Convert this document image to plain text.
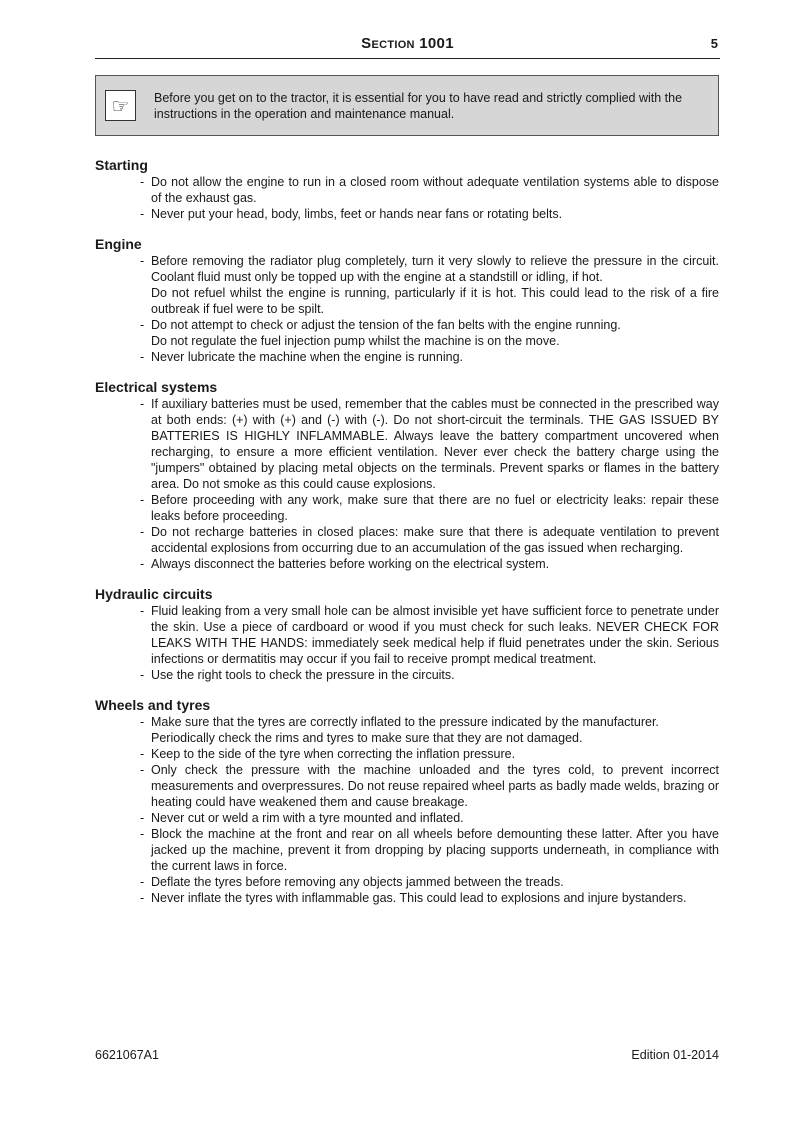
Section 1001	5
☞	Before you get on to the tractor, it is essential for you to have read and strictly complied with the instructions in the operation and maintenance manual.
Starting
- Do not allow the engine to run in a closed room without adequate ventilation systems able to dispose of the exhaust gas.
- Never put your head, body, limbs, feet or hands near fans or rotating belts.
Engine
- Before removing the radiator plug completely, turn it very slowly to relieve the pressure in the circuit. Coolant fluid must only be topped up with the engine at a standstill or idling, if hot.
Do not refuel whilst the engine is running, particularly if it is hot. This could lead to the risk of a fire outbreak if fuel were to be spilt.
- Do not attempt to check or adjust the tension of the fan belts with the engine running.
Do not regulate the fuel injection pump whilst the machine is on the move.
- Never lubricate the machine when the engine is running.
Electrical systems
- If auxiliary batteries must be used, remember that the cables must be connected in the prescribed way at both ends: (+) with (+) and (-) with (-). Do not short-circuit the terminals. THE GAS ISSUED BY BATTERIES IS HIGHLY INFLAMMABLE. Always leave the battery compartment uncovered when recharging, to ensure a more efficient ventilation. Never ever check the battery charge using the "jumpers" obtained by placing metal objects on the terminals. Prevent sparks or flames in the battery area. Do not smoke as this could cause explosions.
- Before proceeding with any work, make sure that there are no fuel or electricity leaks: repair these leaks before proceeding.
- Do not recharge batteries in closed places: make sure that there is adequate ventilation to prevent accidental explosions from occurring due to an accumulation of the gas issued when recharging.
- Always disconnect the batteries before working on the electrical system.
Hydraulic circuits
- Fluid leaking from a very small hole can be almost invisible yet have sufficient force to penetrate under the skin. Use a piece of cardboard or wood if you must check for such leaks. NEVER CHECK FOR LEAKS WITH THE HANDS: immediately seek medical help if fluid penetrates under the skin. Serious infections or dermatitis may occur if you fail to receive prompt medical treatment.
- Use the right tools to check the pressure in the circuits.
Wheels and tyres
- Make sure that the tyres are correctly inflated to the pressure indicated by the manufacturer.
Periodically check the rims and tyres to make sure that they are not damaged.
- Keep to the side of the tyre when correcting the inflation pressure.
- Only check the pressure with the machine unloaded and the tyres cold, to prevent incorrect measurements and overpressures. Do not reuse repaired wheel parts as badly made welds, brazing or heating could have weakened them and cause breakage.
- Never cut or weld a rim with a tyre mounted and inflated.
- Block the machine at the front and rear on all wheels before demounting these latter. After you have jacked up the machine, prevent it from dropping by placing supports underneath, in compliance with the current laws in force.
- Deflate the tyres before removing any objects jammed between the treads.
- Never inflate the tyres with inflammable gas. This could lead to explosions and injure bystanders.
6621067A1	Edition 01-2014
